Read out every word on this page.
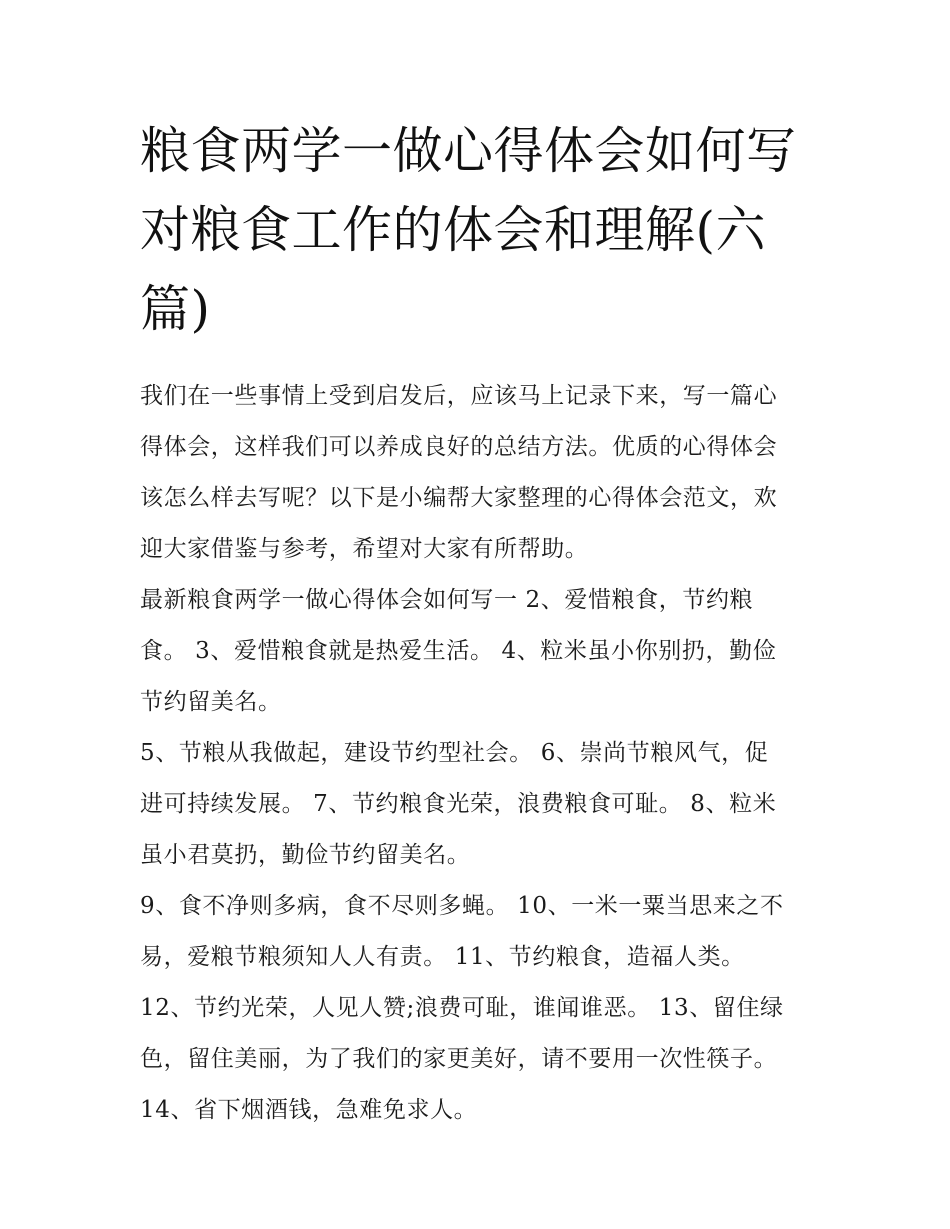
粮食两学一做心得体会如何写
对粮食工作的体会和理解(六
篇)

我们在一些事情上受到启发后，应该马上记录下来，写一篇心
得体会，这样我们可以养成良好的总结方法。优质的心得体会
该怎么样去写呢？以下是小编帮大家整理的心得体会范文，欢
迎大家借鉴与参考，希望对大家有所帮助。

最新粮食两学一做心得体会如何写一 2、爱惜粮食，节约粮
食。 3、爱惜粮食就是热爱生活。 4、粒米虽小你别扔，勤俭
节约留美名。

5、节粮从我做起，建设节约型社会。 6、崇尚节粮风气，促
进可持续发展。 7、节约粮食光荣，浪费粮食可耻。 8、粒米
虽小君莫扔，勤俭节约留美名。

9、食不净则多病，食不尽则多蝇。 10、一米一粟当思来之不
易，爱粮节粮须知人人有责。 11、节约粮食，造福人类。

12、节约光荣，人见人赞;浪费可耻，谁闻谁恶。 13、留住绿
色，留住美丽，为了我们的家更美好，请不要用一次性筷子。

14、省下烟酒钱，急难免求人。
